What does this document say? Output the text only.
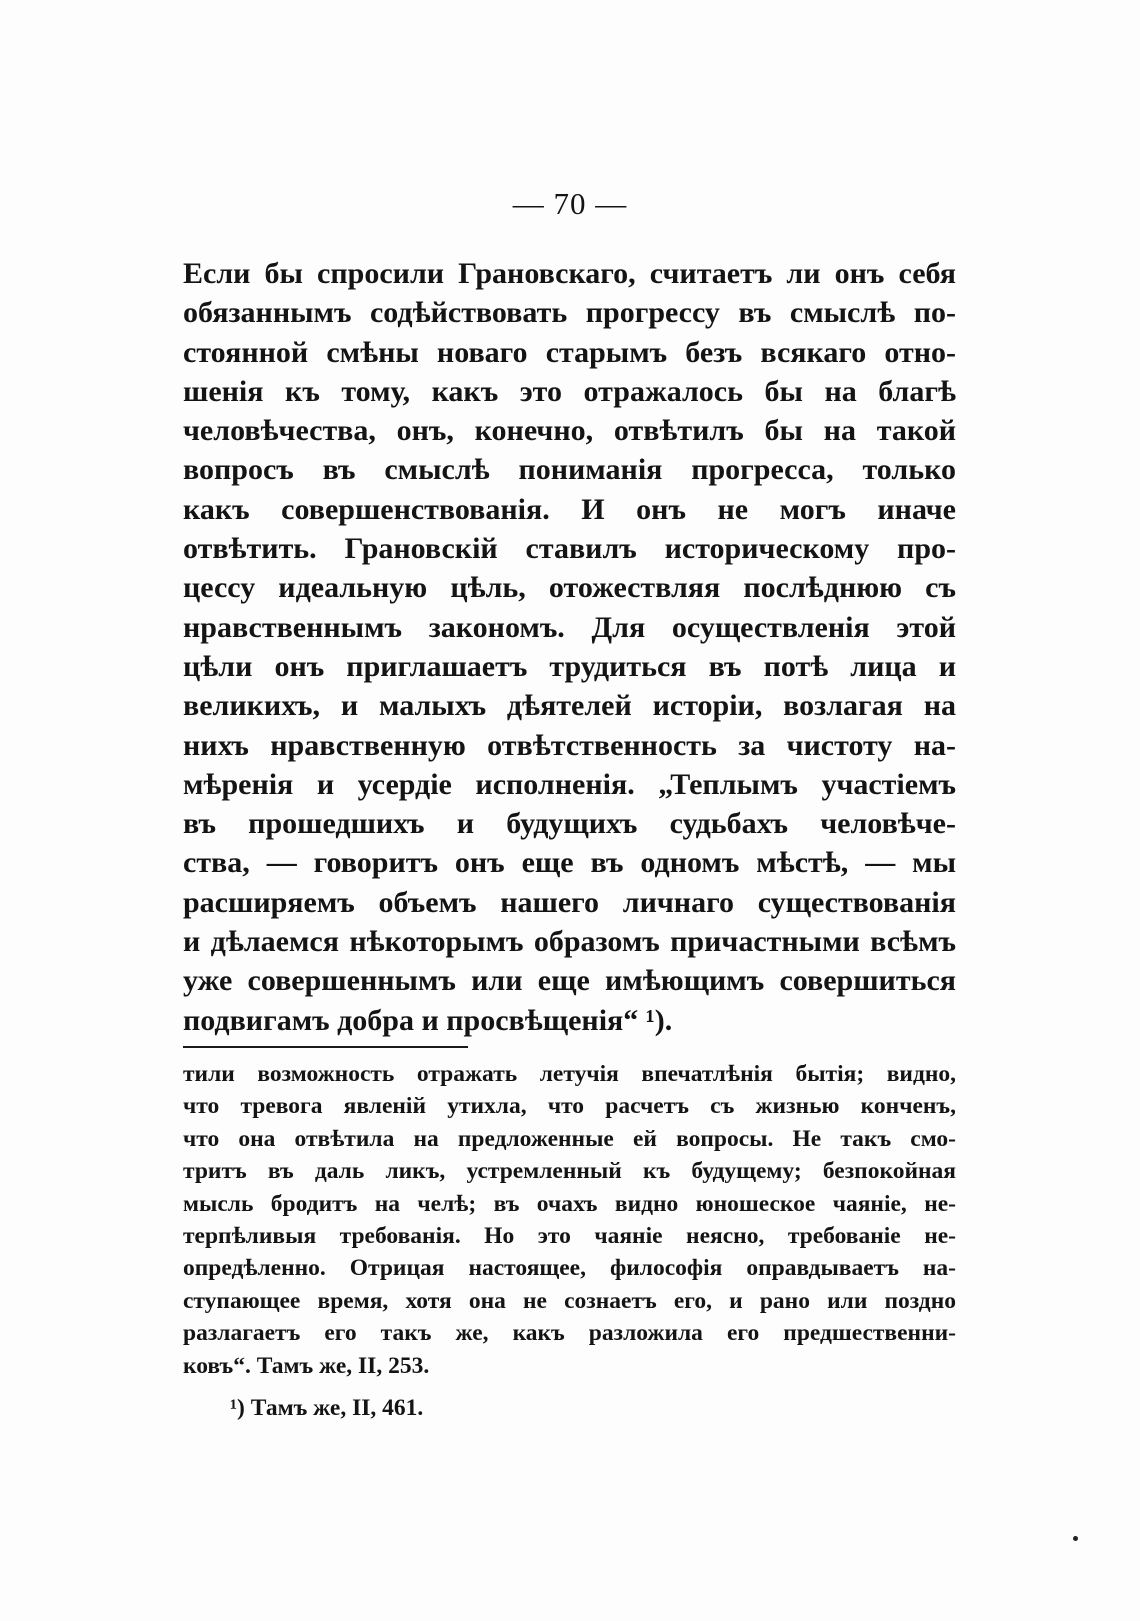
— 70 —
Если бы спросили Грановскаго, считаетъ ли онъ себя
обязаннымъ содѣйствовать прогрессу въ смыслѣ по-
стоянной смѣны новаго старымъ безъ всякаго отно-
шенія къ тому, какъ это отражалось бы на благѣ
человѣчества, онъ, конечно, отвѣтилъ бы на такой
вопросъ въ смыслѣ пониманія прогресса, только
какъ совершенствованія. И онъ не могъ иначе
отвѣтить. Грановскій ставилъ историческому про-
цессу идеальную цѣль, отожествляя послѣднюю съ
нравственнымъ закономъ. Для осуществленія этой
цѣли онъ приглашаетъ трудиться въ потѣ лица и
великихъ, и малыхъ дѣятелей исторіи, возлагая на
нихъ нравственную отвѣтственность за чистоту на-
мѣренія и усердіе исполненія. „Теплымъ участіемъ
въ прошедшихъ и будущихъ судьбахъ человѣче-
ства, — говоритъ онъ еще въ одномъ мѣстѣ, — мы
расширяемъ объемъ нашего личнаго существованія
и дѣлаемся нѣкоторымъ образомъ причастными всѣмъ
уже совершеннымъ или еще имѣющимъ совершиться
подвигамъ добра и просвѣщенія“ ¹).
тили возможность отражать летучія впечатлѣнія бытія; видно,
что тревога явленій утихла, что расчетъ съ жизнью конченъ,
что она отвѣтила на предложенные ей вопросы. Не такъ смо-
тритъ въ даль ликъ, устремленный къ будущему; безпокойная
мысль бродитъ на челѣ; въ очахъ видно юношеское чаяніе, не-
терпѣливыя требованія. Но это чаяніе неясно, требованіе не-
опредѣленно. Отрицая настоящее, философія оправдываетъ на-
ступающее время, хотя она не сознаетъ его, и рано или поздно
разлагаетъ его такъ же, какъ разложила его предшественни-
ковъ“. Тамъ же, II, 253.
¹) Тамъ же, II, 461.
